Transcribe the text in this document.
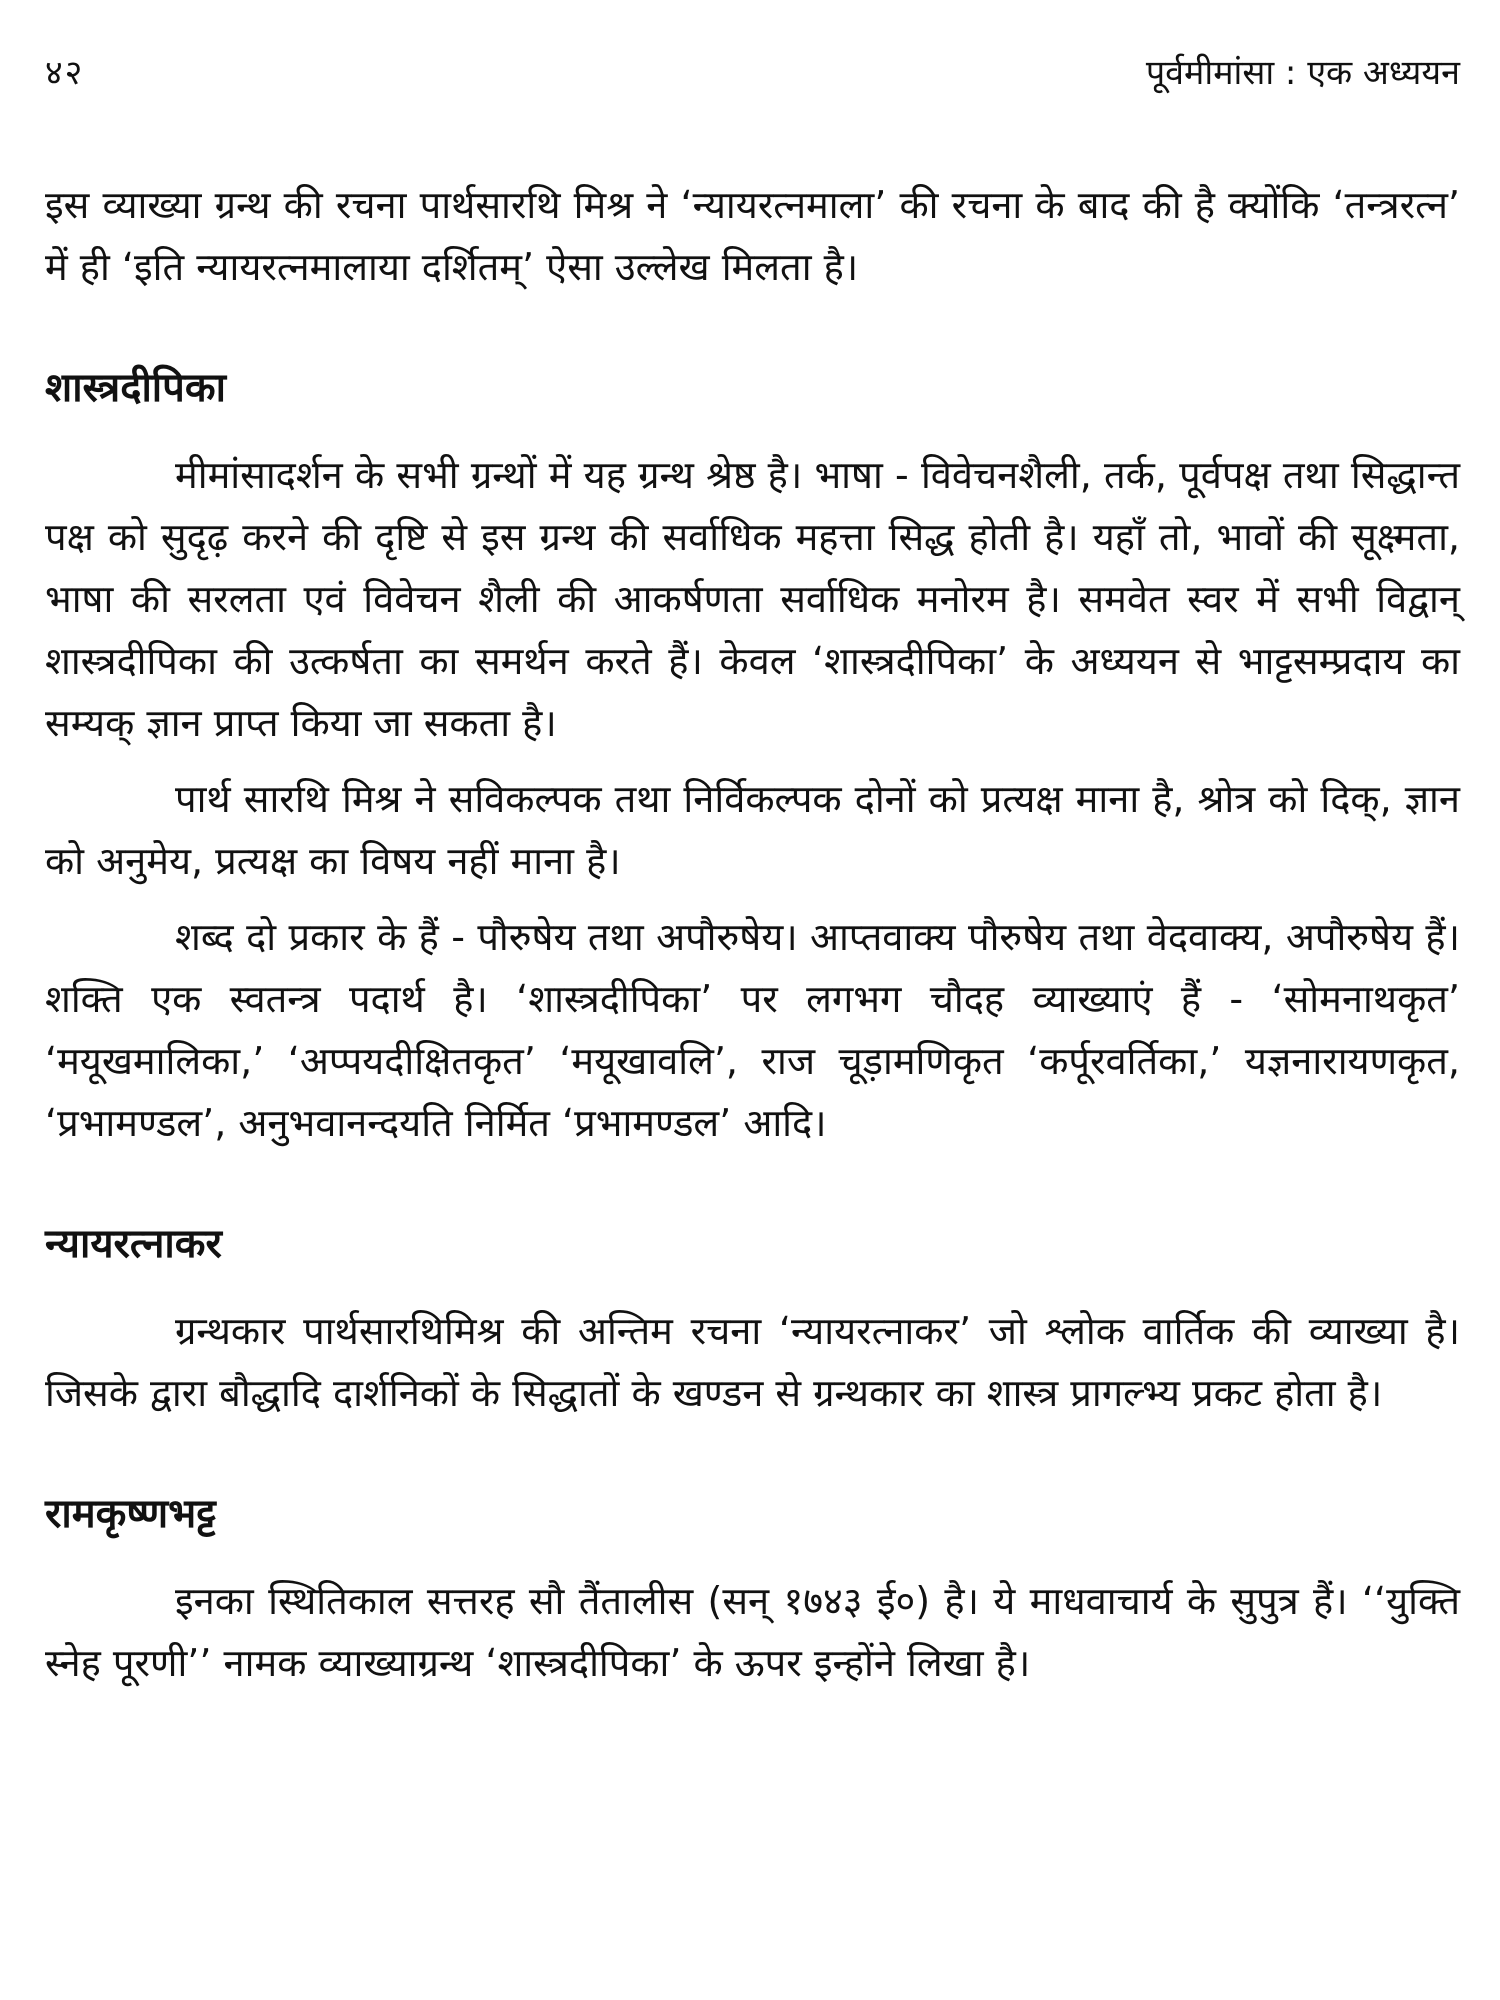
४२	पूर्वमीमांसा : एक अध्ययन

इस व्याख्या ग्रन्थ की रचना पार्थसारथि मिश्र ने ‘न्यायरत्नमाला’ की रचना के बाद की है क्योंकि ‘तन्त्ररत्न’ में ही ‘इति न्यायरत्नमालाया दर्शितम्’ ऐसा उल्लेख मिलता है।

शास्त्रदीपिका

मीमांसादर्शन के सभी ग्रन्थों में यह ग्रन्थ श्रेष्ठ है। भाषा - विवेचनशैली, तर्क, पूर्वपक्ष तथा सिद्धान्त पक्ष को सुदृढ़ करने की दृष्टि से इस ग्रन्थ की सर्वाधिक महत्ता सिद्ध होती है। यहाँ तो, भावों की सूक्ष्मता, भाषा की सरलता एवं विवेचन शैली की आकर्षणता सर्वाधिक मनोरम है। समवेत स्वर में सभी विद्वान् शास्त्रदीपिका की उत्कर्षता का समर्थन करते हैं। केवल ‘शास्त्रदीपिका’ के अध्ययन से भाट्टसम्प्रदाय का सम्यक् ज्ञान प्राप्त किया जा सकता है।

पार्थ सारथि मिश्र ने सविकल्पक तथा निर्विकल्पक दोनों को प्रत्यक्ष माना है, श्रोत्र को दिक्, ज्ञान को अनुमेय, प्रत्यक्ष का विषय नहीं माना है।

शब्द दो प्रकार के हैं - पौरुषेय तथा अपौरुषेय। आप्तवाक्य पौरुषेय तथा वेदवाक्य, अपौरुषेय हैं। शक्ति एक स्वतन्त्र पदार्थ है। ‘शास्त्रदीपिका’ पर लगभग चौदह व्याख्याएं हैं - ‘सोमनाथकृत’ ‘मयूखमालिका,’ ‘अप्पयदीक्षितकृत’ ‘मयूखावलि’, राज चूड़ामणिकृत ‘कर्पूरवर्तिका,’ यज्ञनारायणकृत, ‘प्रभामण्डल’, अनुभवानन्दयति निर्मित ‘प्रभामण्डल’ आदि।

न्यायरत्नाकर

ग्रन्थकार पार्थसारथिमिश्र की अन्तिम रचना ‘न्यायरत्नाकर’ जो श्लोक वार्तिक की व्याख्या है। जिसके द्वारा बौद्धादि दार्शनिकों के सिद्धातों के खण्डन से ग्रन्थकार का शास्त्र प्रागल्भ्य प्रकट होता है।

रामकृष्णभट्ट

इनका स्थितिकाल सत्तरह सौ तैंतालीस (सन् १७४३ ई०) है। ये माधवाचार्य के सुपुत्र हैं। ‘‘युक्ति स्नेह पूरणी’’ नामक व्याख्याग्रन्थ ‘शास्त्रदीपिका’ के ऊपर इन्होंने लिखा है।
